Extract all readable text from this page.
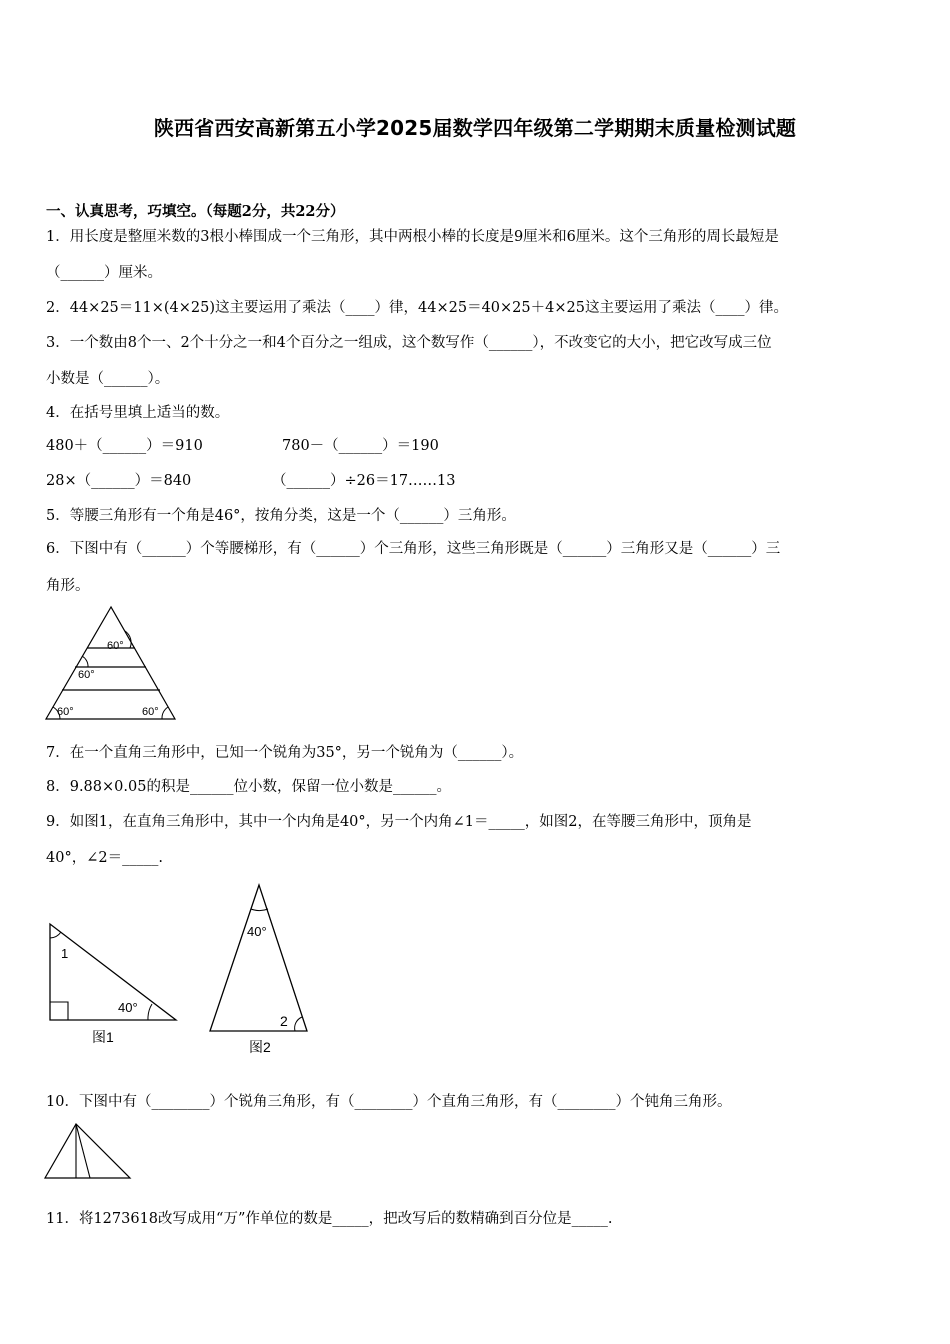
陕西省西安高新第五小学2025届数学四年级第二学期期末质量检测试题
一、认真思考，巧填空。（每题2分，共22分）
1．用长度是整厘米数的3根小棒围成一个三角形，其中两根小棒的长度是9厘米和6厘米。这个三角形的周长最短是
（______）厘米。
2．44×25＝11×(4×25)这主要运用了乘法（____）律，44×25＝40×25＋4×25这主要运用了乘法（____）律。
3．一个数由8个一、2个十分之一和4个百分之一组成，这个数写作（______），不改变它的大小，把它改写成三位
小数是（______）。
4．在括号里填上适当的数。
480＋（______）＝910	780－（______）＝190
28×（______）＝840	（______）÷26＝17……13
5．等腰三角形有一个角是46°，按角分类，这是一个（______）三角形。
6．下图中有（______）个等腰梯形，有（______）个三角形，这些三角形既是（______）三角形又是（______）三
角形。
60°
60°
60°	60°
7．在一个直角三角形中，已知一个锐角为35°，另一个锐角为（______）。
8．9.88×0.05的积是______位小数，保留一位小数是______。
9．如图1，在直角三角形中，其中一个内角是40°，另一个内角∠1＝_____，如图2，在等腰三角形中，顶角是
40°，∠2＝_____.
1
40°
图1
40°
2
图2
10．下图中有（________）个锐角三角形，有（________）个直角三角形，有（________）个钝角三角形。
11．将1273618改写成用“万”作单位的数是_____，把改写后的数精确到百分位是_____.
